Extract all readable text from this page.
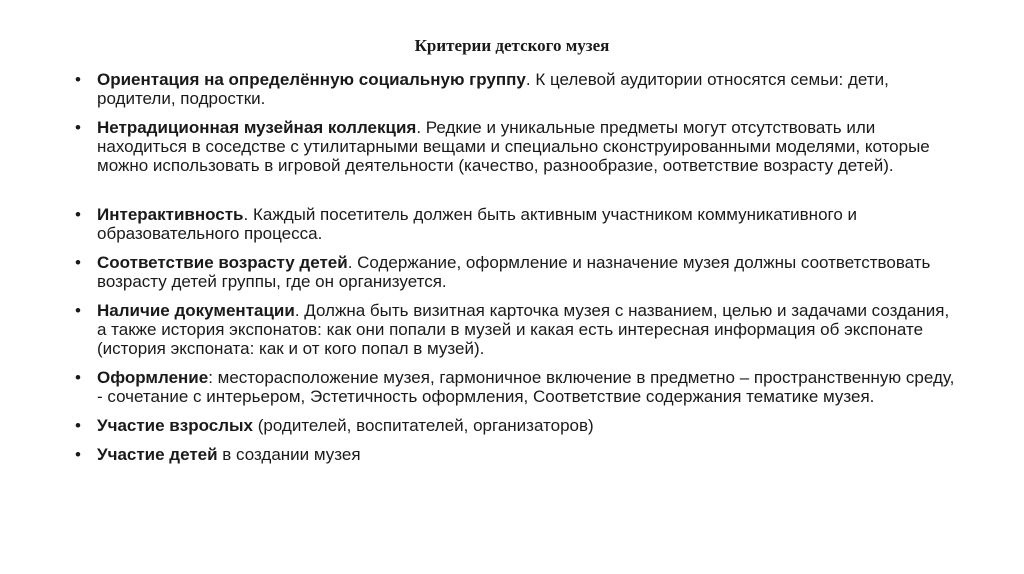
Критерии детского музея
• Ориентация на определённую социальную группу. К целевой аудитории относятся семьи: дети, родители, подростки.
• Нетрадиционная музейная коллекция. Редкие и уникальные предметы могут отсутствовать или находиться в соседстве с утилитарными вещами и специально сконструированными моделями, которые можно использовать в игровой деятельности (качество, разнообразие, оответствие возрасту детей).
• Интерактивность. Каждый посетитель должен быть активным участником коммуникативного и образовательного процесса.
• Соответствие возрасту детей. Содержание, оформление и назначение музея должны соответствовать возрасту детей группы, где он организуется.
• Наличие документации. Должна быть визитная карточка музея с названием, целью и задачами создания, а также история экспонатов: как они попали в музей и какая есть интересная информация об экспонате (история экспоната: как и от кого попал в музей).
• Оформление: месторасположение музея, гармоничное включение в предметно – пространственную среду, - сочетание с интерьером, Эстетичность оформления, Соответствие содержания тематике музея.
• Участие взрослых (родителей, воспитателей, организаторов)
• Участие детей в создании музея
